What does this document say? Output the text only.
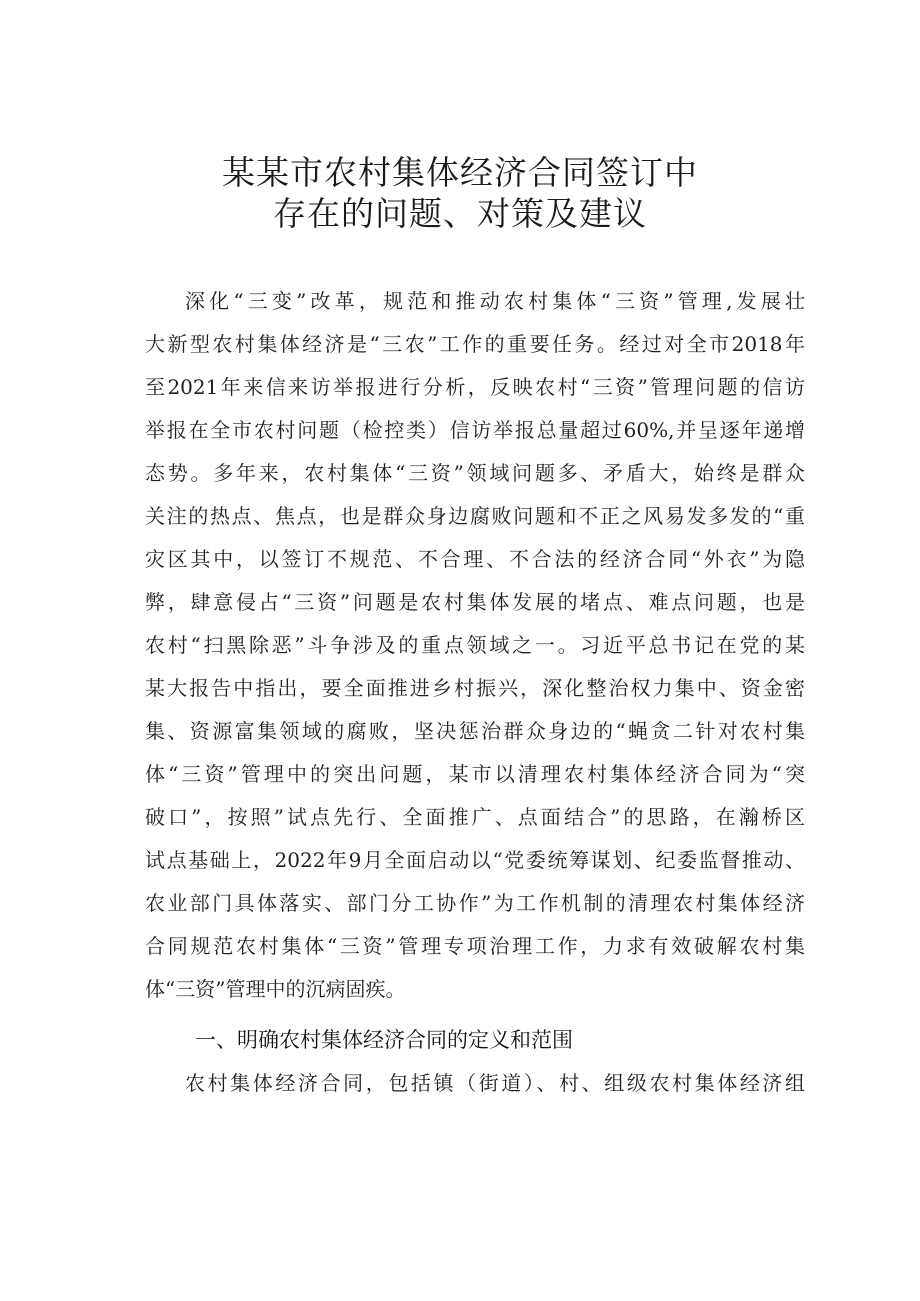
某某市农村集体经济合同签订中
存在的问题、对策及建议
深化“三变”改革，规范和推动农村集体“三资”管理,发展壮
大新型农村集体经济是“三农”工作的重要任务。经过对全市2018年
至2021年来信来访举报进行分析，反映农村“三资”管理问题的信访
举报在全市农村问题（检控类）信访举报总量超过60%,并呈逐年递增
态势。多年来，农村集体“三资”领域问题多、矛盾大，始终是群众
关注的热点、焦点，也是群众身边腐败问题和不正之风易发多发的“重
灾区其中，以签订不规范、不合理、不合法的经济合同“外衣”为隐
弊，肆意侵占“三资”问题是农村集体发展的堵点、难点问题，也是
农村“扫黑除恶”斗争涉及的重点领域之一。习近平总书记在党的某
某大报告中指出，要全面推进乡村振兴，深化整治权力集中、资金密
集、资源富集领域的腐败，坚决惩治群众身边的“蝇贪二针对农村集
体“三资”管理中的突出问题，某市以清理农村集体经济合同为“突
破口”，按照”试点先行、全面推广、点面结合”的思路，在瀚桥区
试点基础上，2022年9月全面启动以“党委统筹谋划、纪委监督推动、
农业部门具体落实、部门分工协作”为工作机制的清理农村集体经济
合同规范农村集体“三资”管理专项治理工作，力求有效破解农村集
体“三资”管理中的沉病固疾。
一、明确农村集体经济合同的定义和范围
农村集体经济合同，包括镇（街道）、村、组级农村集体经济组
